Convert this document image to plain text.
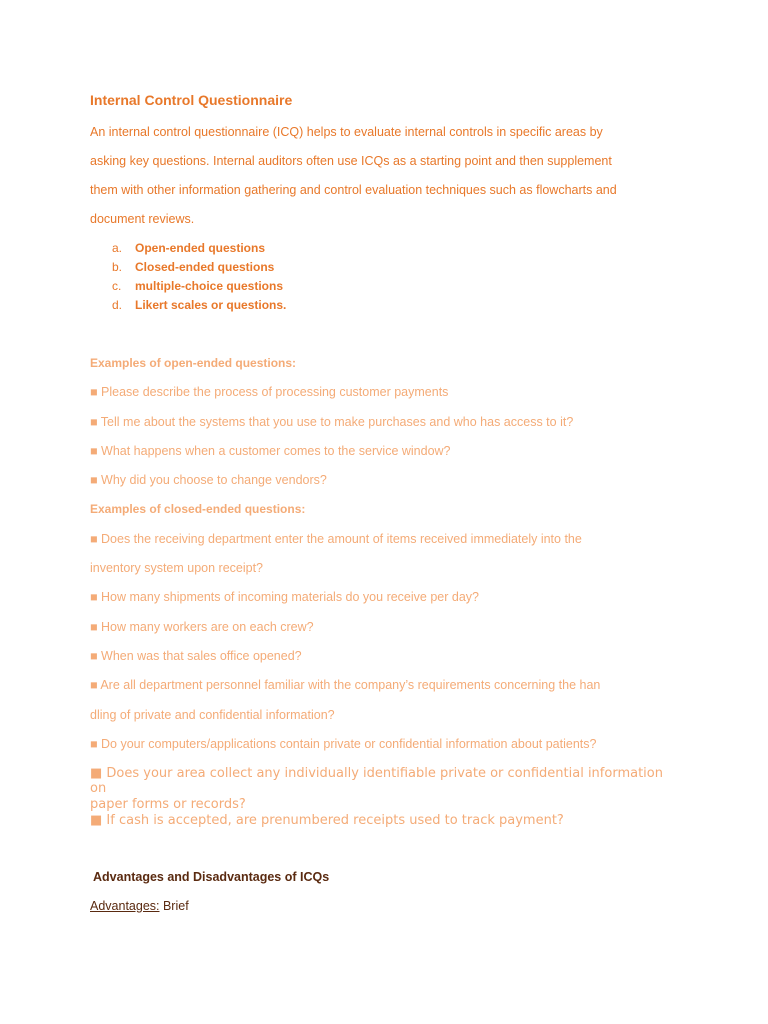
Internal Control Questionnaire

An internal control questionnaire (ICQ) helps to evaluate internal controls in specific areas by

asking key questions. Internal auditors often use ICQs as a starting point and then supplement

them with other information gathering and control evaluation techniques such as flowcharts and

document reviews.

a. Open-ended questions
b. Closed-ended questions
c. multiple-choice questions
d. Likert scales or questions.
Examples of open-ended questions:
■ Please describe the process of processing customer payments
■ Tell me about the systems that you use to make purchases and who has access to it?
■ What happens when a customer comes to the service window?
■ Why did you choose to change vendors?
Examples of closed-ended questions:
■ Does the receiving department enter the amount of items received immediately into the
inventory system upon receipt?
■ How many shipments of incoming materials do you receive per day?
■ How many workers are on each crew?
■ When was that sales office opened?
■ Are all department personnel familiar with the company’s requirements concerning the han
dling of private and confidential information?
■ Do your computers/applications contain private or confidential information about patients?
■ Does your area collect any individually identifiable private or confidential information
on
paper forms or records?
■ If cash is accepted, are prenumbered receipts used to track payment?
Advantages and Disadvantages of ICQs
Advantages: Brief
